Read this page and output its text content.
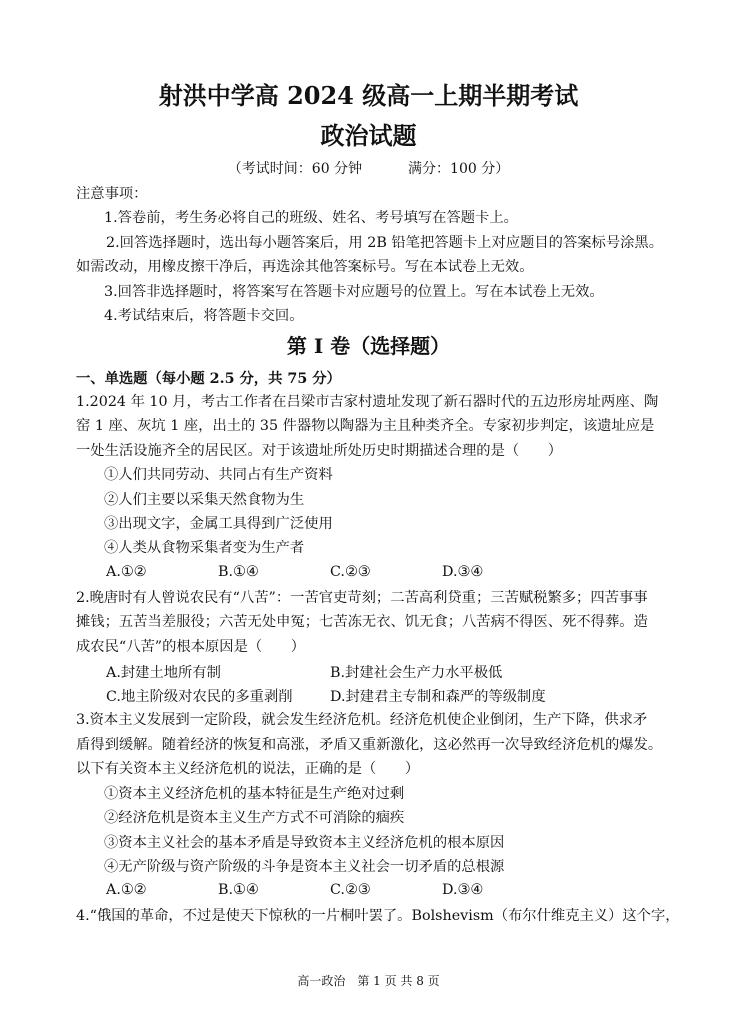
射洪中学高 2024 级高一上期半期考试
政治试题
（考试时间：60 分钟	满分：100 分）
注意事项：
1.答卷前，考生务必将自己的班级、姓名、考号填写在答题卡上。
2.回答选择题时，选出每小题答案后，用 2B 铅笔把答题卡上对应题目的答案标号涂黑。
如需改动，用橡皮擦干净后，再选涂其他答案标号。写在本试卷上无效。
3.回答非选择题时，将答案写在答题卡对应题号的位置上。写在本试卷上无效。
4.考试结束后，将答题卡交回。
第 I 卷（选择题）
一、单选题（每小题 2.5 分，共 75 分）
1.2024 年 10 月，考古工作者在吕梁市吉家村遗址发现了新石器时代的五边形房址两座、陶
窑 1 座、灰坑 1 座，出土的 35 件器物以陶器为主且种类齐全。专家初步判定，该遗址应是
一处生活设施齐全的居民区。对于该遗址所处历史时期描述合理的是（　　）
①人们共同劳动、共同占有生产资料
②人们主要以采集天然食物为生
③出现文字，金属工具得到广泛使用
④人类从食物采集者变为生产者
A.①②	B.①④	C.②③	D.③④
2.晚唐时有人曾说农民有“八苦”：一苦官吏苛刻；二苦高利贷重；三苦赋税繁多；四苦事事
摊钱；五苦当差服役；六苦无处申冤；七苦冻无衣、饥无食；八苦病不得医、死不得葬。造
成农民“八苦”的根本原因是（　　）
A.封建土地所有制	B.封建社会生产力水平极低
C.地主阶级对农民的多重剥削	D.封建君主专制和森严的等级制度
3.资本主义发展到一定阶段，就会发生经济危机。经济危机使企业倒闭，生产下降，供求矛
盾得到缓解。随着经济的恢复和高涨，矛盾又重新激化，这必然再一次导致经济危机的爆发。
以下有关资本主义经济危机的说法，正确的是（　　）
①资本主义经济危机的基本特征是生产绝对过剩
②经济危机是资本主义生产方式不可消除的痼疾
③资本主义社会的基本矛盾是导致资本主义经济危机的根本原因
④无产阶级与资产阶级的斗争是资本主义社会一切矛盾的总根源
A.①②	B.①④	C.②③	D.③④
4.“俄国的革命，不过是使天下惊秋的一片桐叶罢了。Bolshevism（布尔什维克主义）这个字，
高一政治　第 1 页 共 8 页
